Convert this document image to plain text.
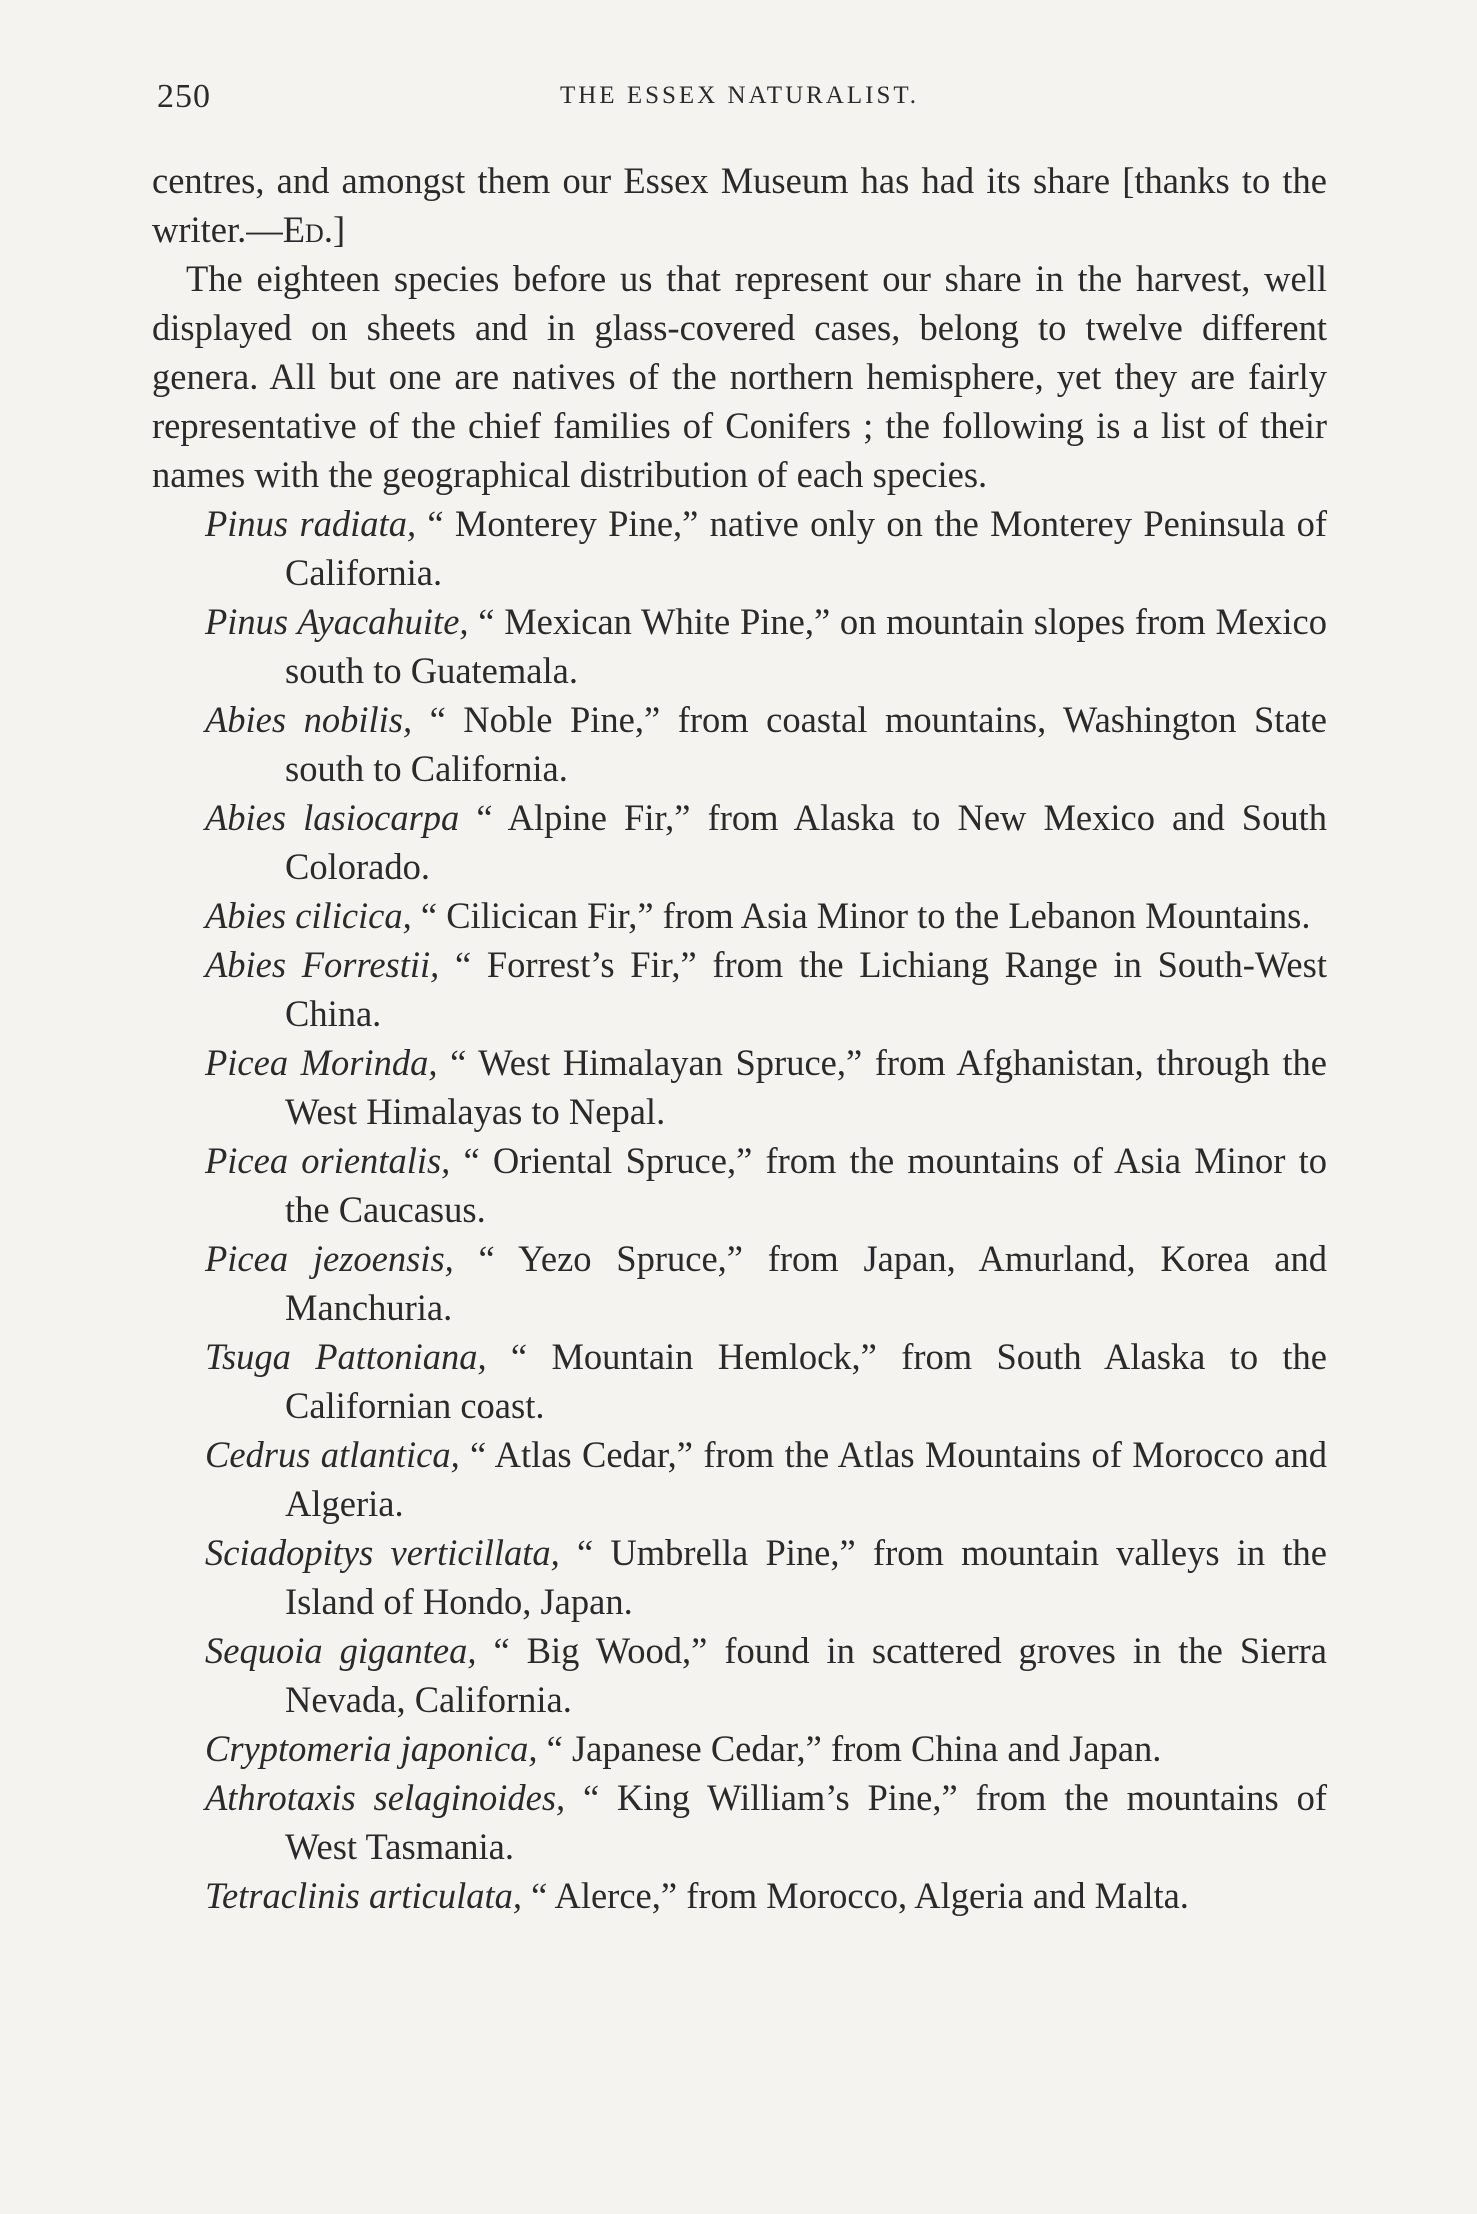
250	THE ESSEX NATURALIST.

centres, and amongst them our Essex Museum has had its share [thanks to the writer.—Ed.]

The eighteen species before us that represent our share in the harvest, well displayed on sheets and in glass-covered cases, belong to twelve different genera. All but one are natives of the northern hemisphere, yet they are fairly representative of the chief families of Conifers ; the following is a list of their names with the geographical distribution of each species.

Pinus radiata, “ Monterey Pine,” native only on the Monterey Peninsula of California.
Pinus Ayacahuite, “ Mexican White Pine,” on mountain slopes from Mexico south to Guatemala.
Abies nobilis, “ Noble Pine,” from coastal mountains, Washington State south to California.
Abies lasiocarpa “ Alpine Fir,” from Alaska to New Mexico and South Colorado.
Abies cilicica, “ Cilicican Fir,” from Asia Minor to the Lebanon Mountains.
Abies Forrestii, “ Forrest’s Fir,” from the Lichiang Range in South-West China.
Picea Morinda, “ West Himalayan Spruce,” from Afghanistan, through the West Himalayas to Nepal.
Picea orientalis, “ Oriental Spruce,” from the mountains of Asia Minor to the Caucasus.
Picea jezoensis, “ Yezo Spruce,” from Japan, Amurland, Korea and Manchuria.
Tsuga Pattoniana, “ Mountain Hemlock,” from South Alaska to the Californian coast.
Cedrus atlantica, “ Atlas Cedar,” from the Atlas Mountains of Morocco and Algeria.
Sciadopitys verticillata, “ Umbrella Pine,” from mountain valleys in the Island of Hondo, Japan.
Sequoia gigantea, “ Big Wood,” found in scattered groves in the Sierra Nevada, California.
Cryptomeria japonica, “ Japanese Cedar,” from China and Japan.
Athrotaxis selaginoides, “ King William’s Pine,” from the mountains of West Tasmania.
Tetraclinis articulata, “ Alerce,” from Morocco, Algeria and Malta.
